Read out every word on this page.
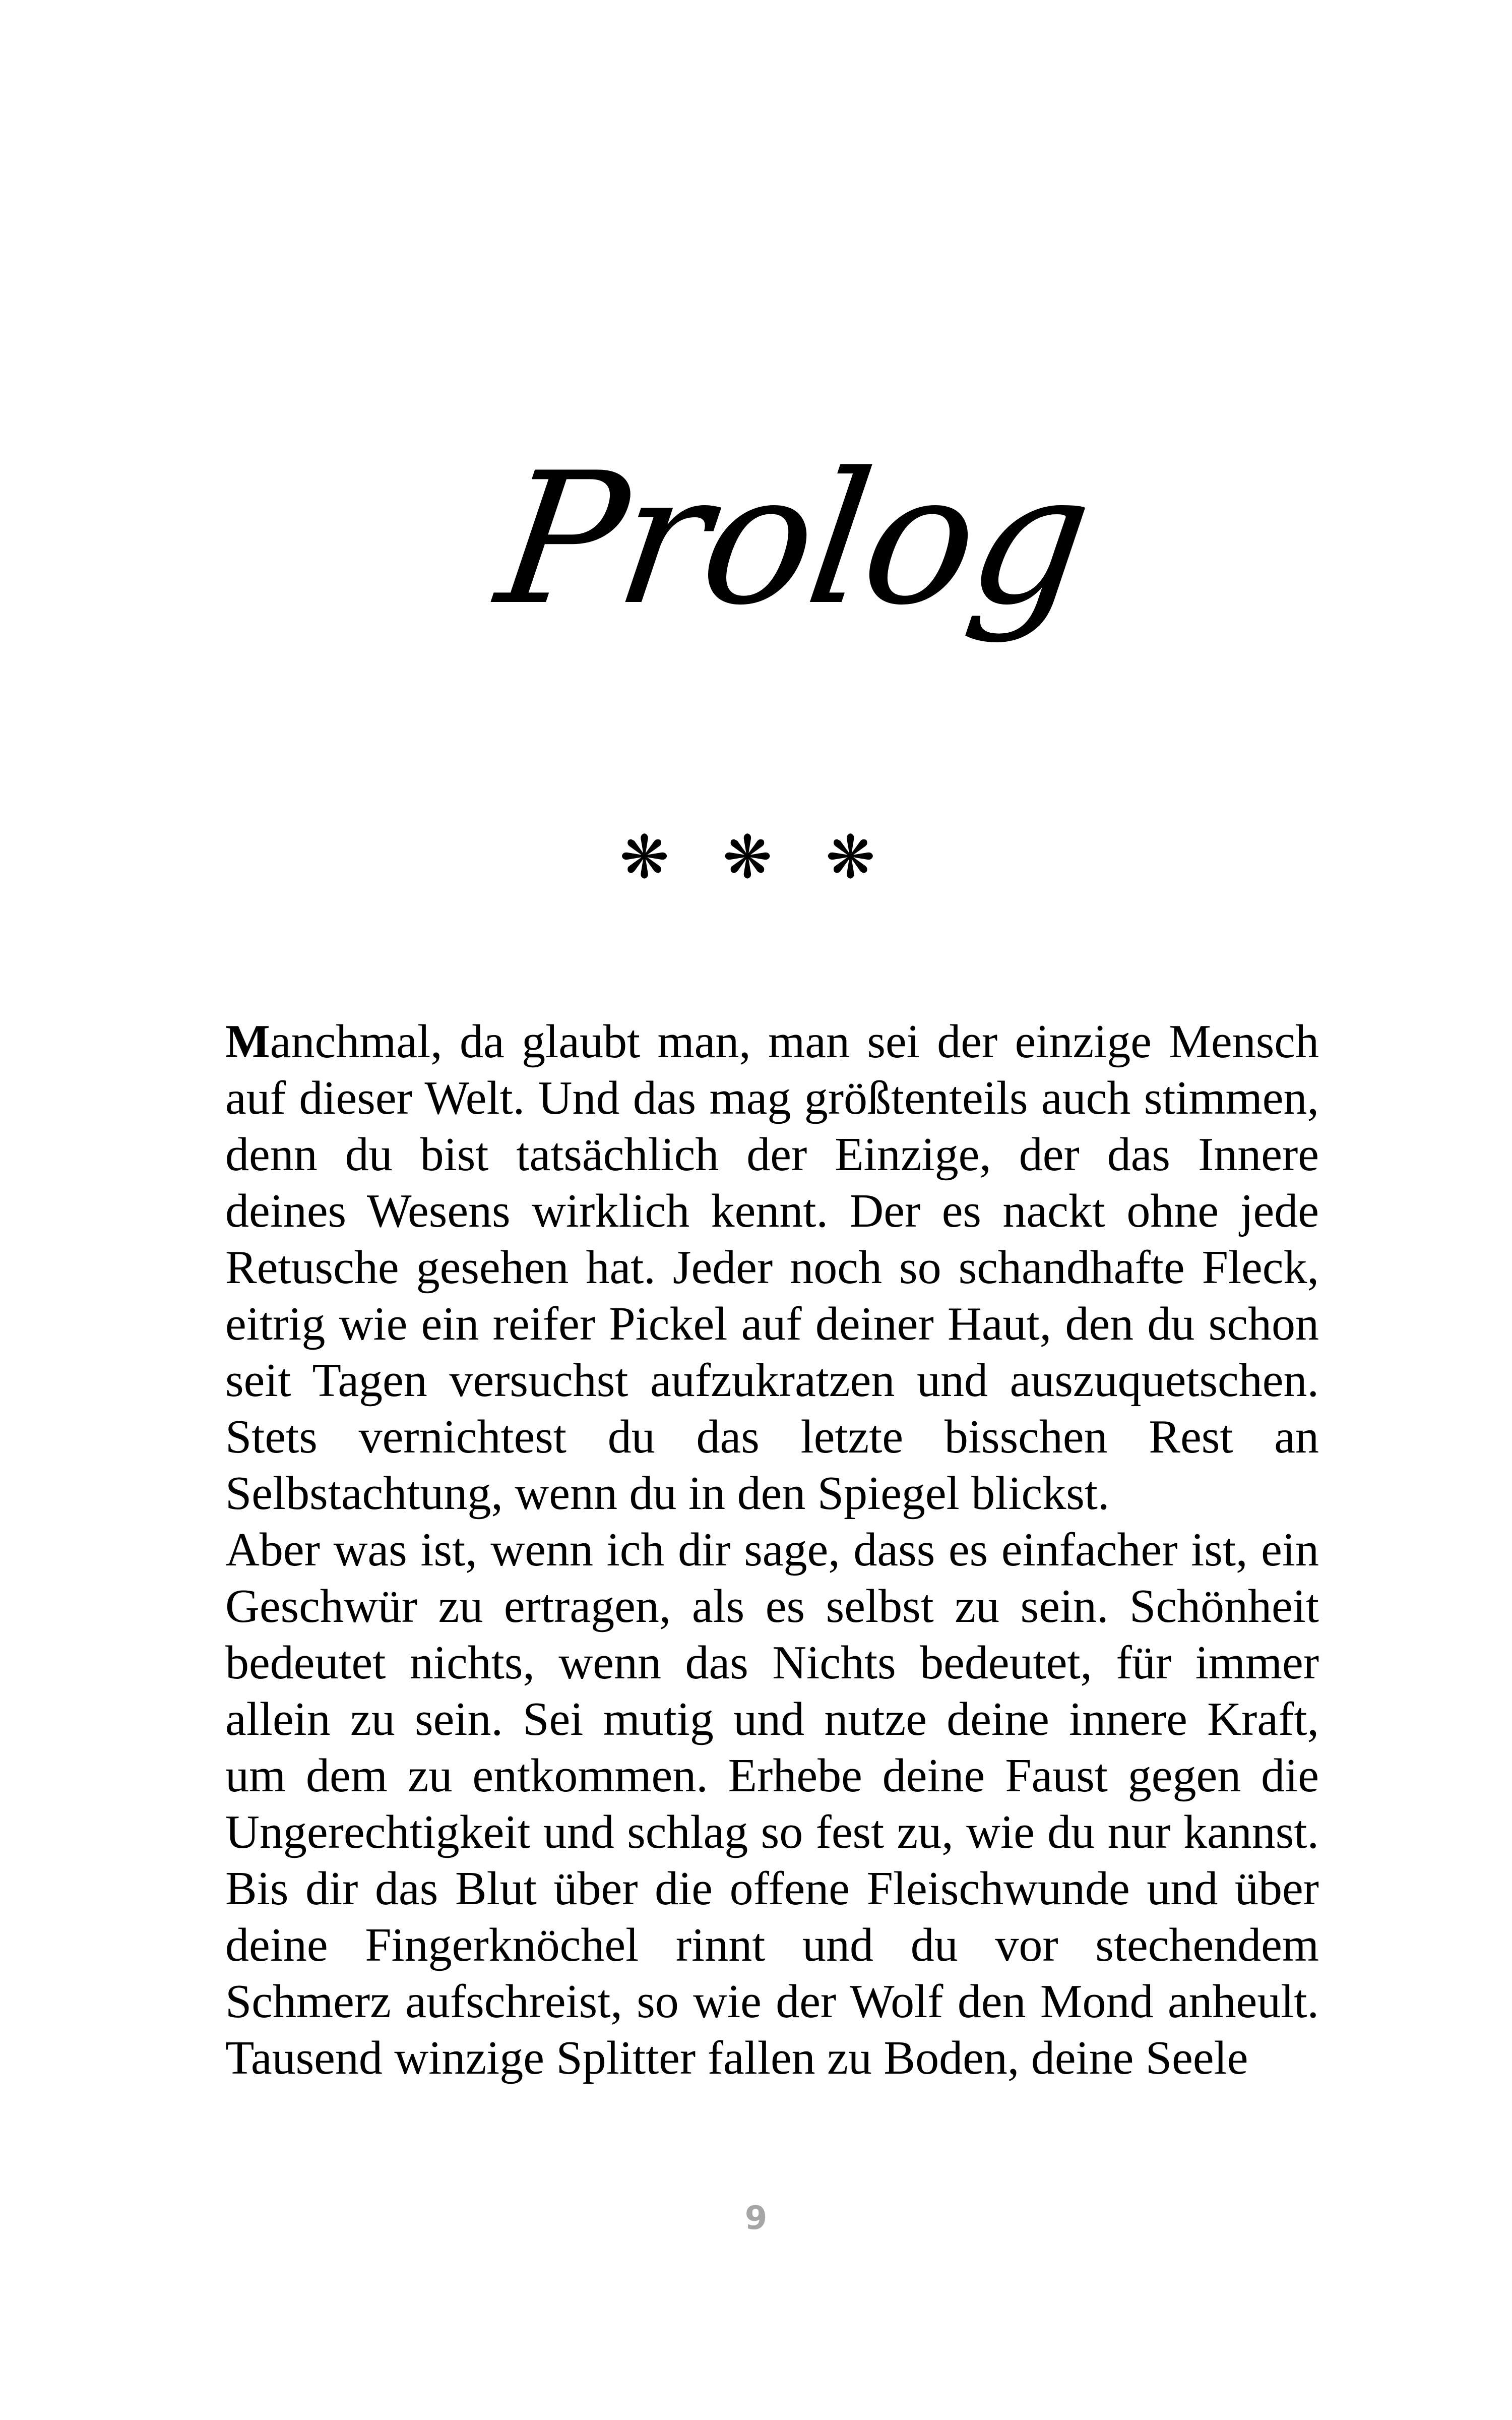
Prolog
❋ ❋ ❋

Manchmal, da glaubt man, man sei der einzige Mensch auf dieser Welt. Und das mag größtenteils auch stimmen, denn du bist tatsächlich der Einzige, der das Innere deines Wesens wirklich kennt. Der es nackt ohne jede Retusche gesehen hat. Jeder noch so schandhafte Fleck, eitrig wie ein reifer Pickel auf deiner Haut, den du schon seit Tagen versuchst aufzukratzen und auszuquetschen. Stets vernichtest du das letzte bisschen Rest an Selbstachtung, wenn du in den Spiegel blickst.

Aber was ist, wenn ich dir sage, dass es einfacher ist, ein Geschwür zu ertragen, als es selbst zu sein. Schönheit bedeutet nichts, wenn das Nichts bedeutet, für immer allein zu sein. Sei mutig und nutze deine innere Kraft, um dem zu entkommen. Erhebe deine Faust gegen die Ungerechtigkeit und schlag so fest zu, wie du nur kannst. Bis dir das Blut über die offene Fleischwunde und über deine Fingerknöchel rinnt und du vor stechendem Schmerz aufschreist, so wie der Wolf den Mond anheult. Tausend winzige Splitter fallen zu Boden, deine Seele

9
